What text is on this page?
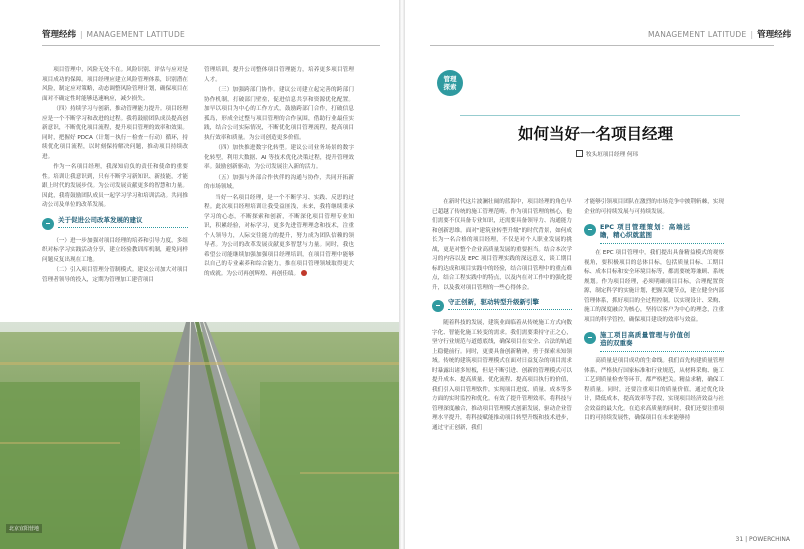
管理经纬 | MANAGEMENT LATITUDE

项目管理中，风险无处不在。风险识别、评估与应对是项目成功的保障。项目经理应建立风险管理体系，识别潜在风险，制定应对策略，动态调整风险管理计划，确保项目在面对不确定性时能够迅速响应，减少损失。

（四）持续学习与创新，推动管理能力提升。项目经理应是一个不断学习和改进的过程。我将鼓励团队成员提高创新意识，不断优化项目流程，提升项目管理的效率和效果。同时，把握好 PDCA（计划－执行－检查－行动）循环，持续优化项目流程，以时刻保持解决问题，推动项目持续改进。

作为一名项目经理，我深知肩负的责任和使命的重要性。培训让我意识到，只有不断学习新知识、新技能，才能跟上时代的发展步伐。为公司发展贡献更多的智慧和力量。因此，我将鼓励团队成员一起学习学习和培训活动。共同推动公司及单位的改革发展。

关于促进公司改革发展的建议

（一）进一步加强对项目经理的培养和引导力度，多组织对标学习实践活动分享，建立经验教训库机制，避免同样问题反复出现在工地。

（二）引入项目管理分管制模式。建议公司加大对项目管理者领导的投入，定期为管理加工建营项目

管理培训，提升公司整体项目管理能力，培养更多项目管理人才。

（三）加强跨部门协作。建议公司建立起完善的跨部门协作机制，打破部门壁垒，促进信息共享和资源优化配置。加早以项目为中心的工作方式，鼓励跨部门合作，打破信息孤岛，形成全过整与项目管理的合作氛围，借助行业最佳实践，结合公司实际情况，不断优化项目管理流程，提高项目执行效率和质量。为公司创造更多价值。

（四）加快推进数字化转型。建议公司业务场景的数字化转型，利用大数据、AI 等技术优化决策过程，提升管理效率。鼓励创新驱动，为公司发展注入新的活力。

（五）加强与外部合作伙伴的沟通与协作，共同开拓新的市场领域。

当好一名项目经理，是一个不断学习、实践、反思的过程。此次项目经理培训让我受益匪浅，未来，我将继续秉承学习的心态，不断探索和创新，不断深化项目管理专业知识，积累经验，对标学习，更多先进管理理念和技术，注重个人领导力，人际交往能力的提升，努力成为团队信赖的领导者。为公司的改革发展贡献更多智慧与力量。同时，我也希望公司能继续加强加强项目经理培训，在项目管理中能够以自己的专业素养和综合能力，推在项目管理领域取得更大的成就。为公司再创辉煌、再创佳绩。

北京宜阳营地
MANAGEMENT LATITUDE | 管理经纬
管理
探索
如何当好一名项目经理
牧头垣项目经理 何玮

在新时代这片波澜壮阔的蓝海中，项目经理的角色早已超越了传统的施工管理范畴。作为项目管理的核心，他们需要不仅具备专业知识，还需要具备领导力、沟通能力和创新思维。面对"建筑业转型升级"的时代背景，如何成长为一名合格的项目经理，不仅是对个人职业发展的挑战，更是对整个企业高质量发展的重要担当。结合本次学习的内容以及 EPC 项目管理实践的深远意义，谈工期目标的达成和项目实践中的经验，结合项目管理中的重点难点，结合工程实践中的特点，以及内在对工作中的强化提升，以及我对项目管理的一些心得体会。

守正创新，驱动转型升级新引擎

随着科技的发展，建筑业面临着从传统施工方式向数字化、智能化施工转变的需求。我们需要秉持守正之心，坚守行业规范与道德底线，确保项目在安全、合法的轨道上稳健前行。同时，更要具备创新精神，勇于探索未知领域。传统的建筑项目管理模式在面对日益复杂的项目需求时暴露出诸多短板，但是不断引进、创新的管理模式可以提升成本、提高质量、优化流程、提高项目执行的价值，我们引入项目管理软件，实现项目进度、质量、成本等多方面的实时监控和优化。有效了提升管理效率。将科技与管理深度融合，推动项目管理模式创新发展，驱动企业管理水平提升，将科技赋能推动项目转型升级和技术进步，通过守正创新，我们

才能够引领项目团队在激烈的市场竞争中披荆斩棘，实现企业的可持续发展与可持续发展。

EPC 项目管理策划：高端远瞻，精心织就蓝图

在 EPC 项目管理中，我们提出具备精益模式的观察视角，要积极项目的总体目标，包括质量目标、工期目标、成本目标和安全环境目标等，都需要统筹兼顾、系统规划。作为项目经理，必须明确项目目标，合理配置资源，制定科学的实施计划，把握关键节点，建立健全内部管理体系，抓好项目的全过程控制。以实现设计、采购、施工的深度融合为核心，坚持以客户为中心的理念，注重项目的科学管控，确保项目建设的效率与效益。

施工项目高质量管理与价值创造的双重奏

高质量是项目成功的生命线。我们首先构建质量管理体系，严格执行国家标准和行业规范，从材料采购、施工工艺到质量检查等环节，都严格把关。精益求精，确保工程质量。同时，还要注重项目的质量价值，通过优化设计，降低成本，提高效率等手段，实现项目经济效益与社会效益的最大化。在追求高质量的同时，我们还要注重项目的可持续发展性，确保项目在未来能够持

31 | POWERCHINA
